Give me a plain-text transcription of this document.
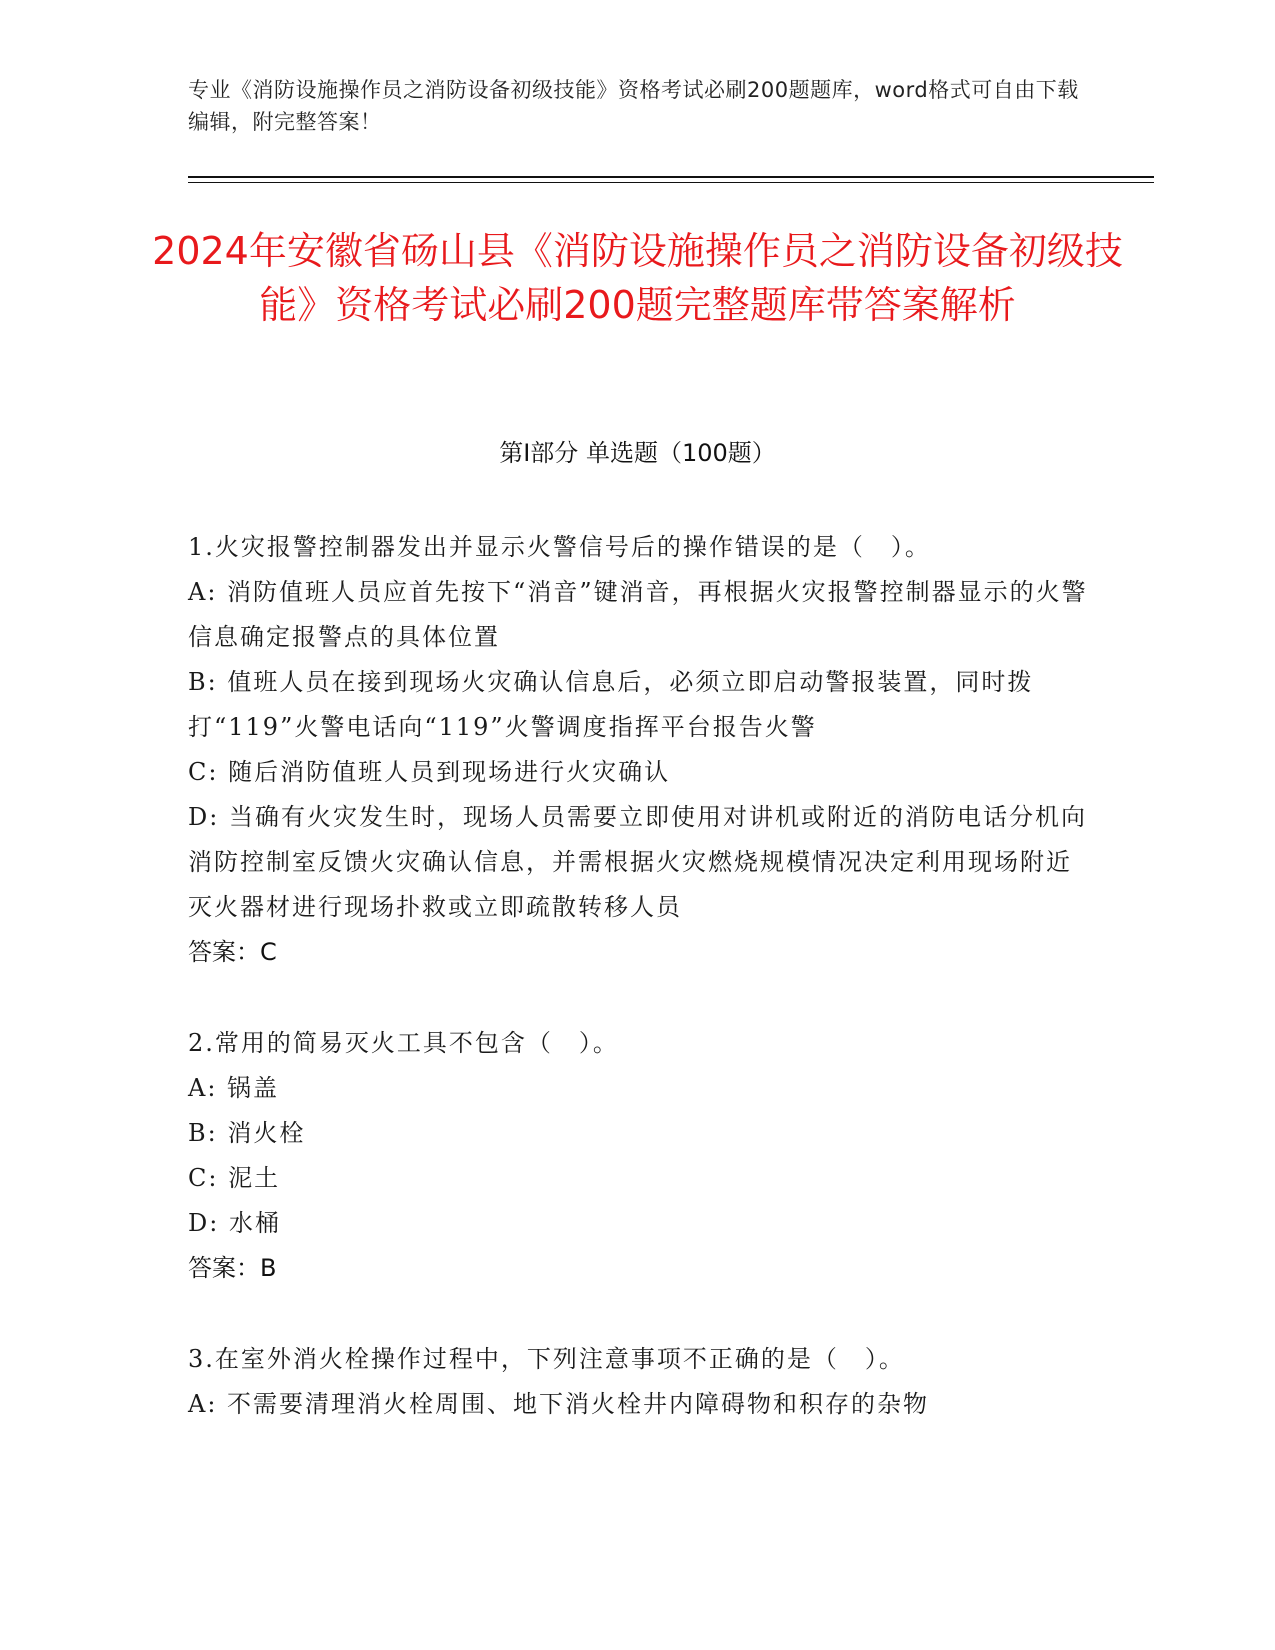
专业《消防设施操作员之消防设备初级技能》资格考试必刷200题题库，word格式可自由下载编辑，附完整答案！
2024年安徽省砀山县《消防设施操作员之消防设备初级技能》资格考试必刷200题完整题库带答案解析
第I部分 单选题（100题）

1.火灾报警控制器发出并显示火警信号后的操作错误的是（　）。

A: 消防值班人员应首先按下“消音”键消音，再根据火灾报警控制器显示的火警信息确定报警点的具体位置

B: 值班人员在接到现场火灾确认信息后，必须立即启动警报装置，同时拨打“119”火警电话向“119”火警调度指挥平台报告火警

C: 随后消防值班人员到现场进行火灾确认

D: 当确有火灾发生时，现场人员需要立即使用对讲机或附近的消防电话分机向消防控制室反馈火灾确认信息，并需根据火灾燃烧规模情况决定利用现场附近灭火器材进行现场扑救或立即疏散转移人员

答案：C

2.常用的简易灭火工具不包含（　）。

A: 锅盖

B: 消火栓

C: 泥土

D: 水桶

答案：B

3.在室外消火栓操作过程中，下列注意事项不正确的是（　）。

A: 不需要清理消火栓周围、地下消火栓井内障碍物和积存的杂物
